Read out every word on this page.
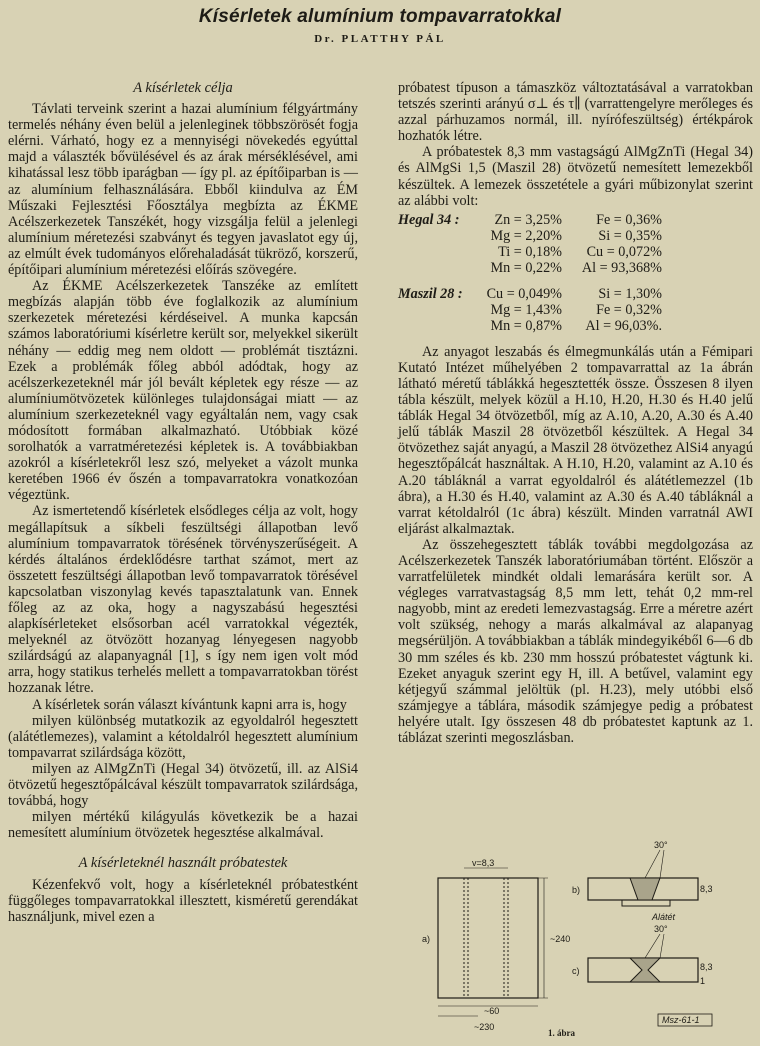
Kísérletek alumínium tompavarratokkal
Dr. PLATTHY PÁL
A kísérletek célja

Távlati terveink szerint a hazai alumínium félgyártmány termelés néhány éven belül a jelenleginek többszörösét fogja elérni. Várható, hogy ez a mennyiségi növekedés egyúttal majd a választék bővülésével és az árak mérséklésével, ami kihatással lesz több iparágban — így pl. az építőiparban is — az alumínium felhasználására. Ebből kiindulva az ÉM Műszaki Fejlesztési Főosztálya megbízta az ÉKME Acélszerkezetek Tanszékét, hogy vizsgálja felül a jelenlegi alumínium méretezési szabványt és tegyen javaslatot egy új, az elmúlt évek tudományos előrehaladását tükröző, korszerű, építőipari alumínium méretezési előírás szövegére.

Az ÉKME Acélszerkezetek Tanszéke az említett megbízás alapján több éve foglalkozik az alumínium szerkezetek méretezési kérdéseivel. A munka kapcsán számos laboratóriumi kísérletre került sor, melyekkel sikerült néhány — eddig meg nem oldott — problémát tisztázni. Ezek a problémák főleg abból adódtak, hogy az acélszerkezeteknél már jól bevált képletek egy része — az alumíniumötvözetek különleges tulajdonságai miatt — az alumínium szerkezeteknél vagy egyáltalán nem, vagy csak módosított formában alkalmazható. Utóbbiak közé sorolhatók a varratméretezési képletek is. A továbbiakban azokról a kísérletekről lesz szó, melyeket a vázolt munka keretében 1966 év őszén a tompavarratokra vonatkozóan végeztünk.

Az ismertetendő kísérletek elsődleges célja az volt, hogy megállapítsuk a síkbeli feszültségi állapotban levő alumínium tompavarratok törésének törvényszerűségeit. A kérdés általános érdeklődésre tarthat számot, mert az összetett feszültségi állapotban levő tompavarratok törésével kapcsolatban viszonylag kevés tapasztalatunk van. Ennek főleg az az oka, hogy a nagyszabású hegesztési alapkísérleteket elsősorban acél varratokkal végezték, melyeknél az ötvözött hozanyag lényegesen nagyobb szilárdságú az alapanyagnál [1], s így nem igen volt mód arra, hogy statikus terhelés mellett a tompavarratokban törést hozzanak létre.

A kísérletek során választ kívántunk kapni arra is, hogy

milyen különbség mutatkozik az egyoldalról hegesztett (alátétlemezes), valamint a kétoldalról hegesztett alumínium tompavarrat szilárdsága között,

milyen az AlMgZnTi (Hegal 34) ötvözetű, ill. az AlSi4 ötvözetű hegesztőpálcával készült tompavarratok szilárdsága, továbbá, hogy

milyen mértékű kilágyulás következik be a hazai nemesített alumínium ötvözetek hegesztése alkalmával.

A kísérleteknél használt próbatestek

Kézenfekvő volt, hogy a kísérleteknél próbatestként függőleges tompavarratokkal illesztett, kisméretű gerendákat használjunk, mivel ezen a

próbatest típuson a támaszköz változtatásával a varratokban tetszés szerinti arányú σ⊥ és τ∥ (varrattengelyre merőleges és azzal párhuzamos normál, ill. nyírófeszültség) értékpárok hozhatók létre.

A próbatestek 8,3 mm vastagságú AlMgZnTi (Hegal 34) és AlMgSi 1,5 (Maszil 28) ötvözetű nemesített lemezekből készültek. A lemezek összetétele a gyári műbizonylat szerint az alábbi volt:

Hegal 34 :	Zn = 3,25%	Fe = 0,36%
Mg = 2,20%	Si = 0,35%
Ti = 0,18%	Cu = 0,072%
Mn = 0,22%	Al = 93,368%
Maszil 28 :	Cu = 0,049%	Si = 1,30%
Mg = 1,43%	Fe = 0,32%
Mn = 0,87%	Al = 96,03%.

Az anyagot leszabás és élmegmunkálás után a Fémipari Kutató Intézet műhelyében 2 tompavarrattal az 1a ábrán látható méretű táblákká hegesztették össze. Összesen 8 ilyen tábla készült, melyek közül a H.10, H.20, H.30 és H.40 jelű táblák Hegal 34 ötvözetből, míg az A.10, A.20, A.30 és A.40 jelű táblák Maszil 28 ötvözetből készültek. A Hegal 34 ötvözethez saját anyagú, a Maszil 28 ötvözethez AlSi4 anyagú hegesztőpálcát használtak. A H.10, H.20, valamint az A.10 és A.20 tábláknál a varrat egyoldalról és alátétlemezzel (1b ábra), a H.30 és H.40, valamint az A.30 és A.40 tábláknál a varrat kétoldalról (1c ábra) készült. Minden varratnál AWI eljárást alkalmaztak.

Az összehegesztett táblák további megdolgozása az Acélszerkezetek Tanszék laboratóriumában történt. Először a varratfelületek mindkét oldali lemarására került sor. A végleges varratvastagság 8,5 mm lett, tehát 0,2 mm-rel nagyobb, mint az eredeti lemezvastagság. Erre a méretre azért volt szükség, nehogy a marás alkalmával az alapanyag megsérüljön. A továbbiakban a táblák mindegyikéből 6—6 db 30 mm széles és kb. 230 mm hosszú próbatestet vágtunk ki. Ezeket anyaguk szerint egy H, ill. A betűvel, valamint egy kétjegyű számmal jelöltük (pl. H.23), mely utóbbi első számjegye a táblára, második számjegye pedig a próbatest helyére utalt. Igy összesen 48 db próbatestet kaptunk az 1. táblázat szerinti megoszlásban.

a)
v=8,3
~240
~60
~230
b)
30°
8,3
Alátét
c)
30°
8,3
1
Msz-61-1
1. ábra
